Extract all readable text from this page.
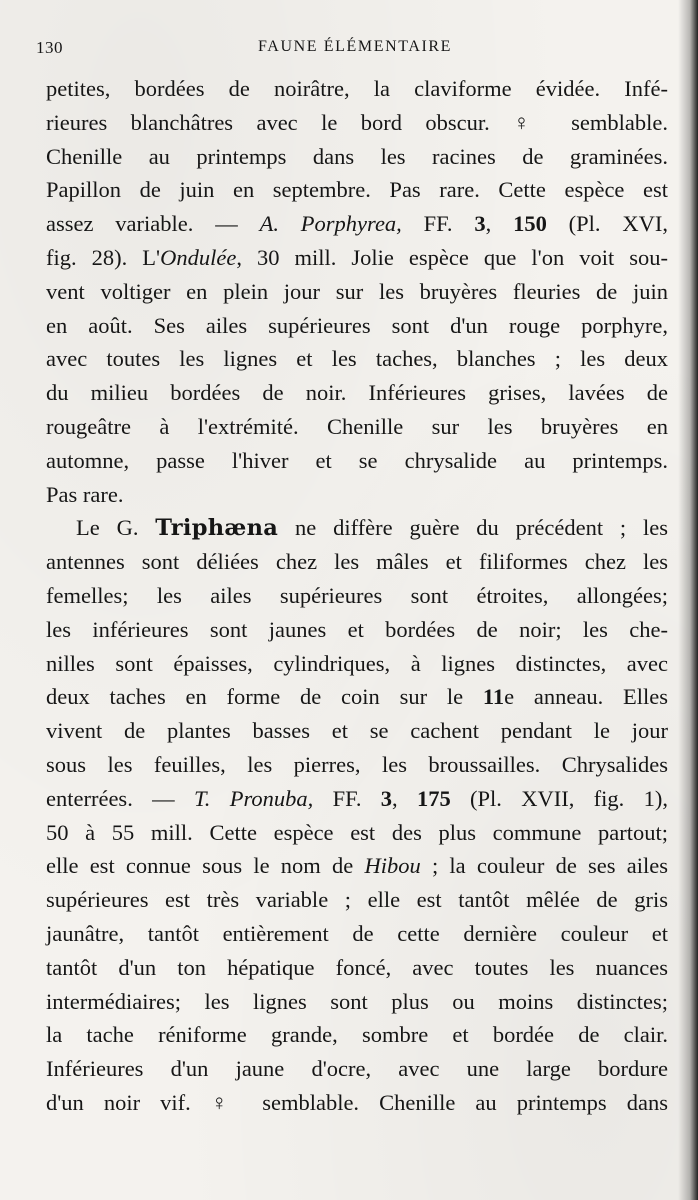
130	FAUNE ÉLÉMENTAIRE
petites, bordées de noirâtre, la claviforme évidée. Infé-
rieures blanchâtres avec le bord obscur. ♀ semblable.
Chenille au printemps dans les racines de graminées.
Papillon de juin en septembre. Pas rare. Cette espèce est
assez variable. — A. Porphyrea, FF. 3, 150 (Pl. XVI,
fig. 28). L'Ondulée, 30 mill. Jolie espèce que l'on voit sou-
vent voltiger en plein jour sur les bruyères fleuries de juin
en août. Ses ailes supérieures sont d'un rouge porphyre,
avec toutes les lignes et les taches, blanches ; les deux
du milieu bordées de noir. Inférieures grises, lavées de
rougeâtre à l'extrémité. Chenille sur les bruyères en
automne, passe l'hiver et se chrysalide au printemps.
Pas rare.
Le G. Triphæna ne diffère guère du précédent ; les
antennes sont déliées chez les mâles et filiformes chez les
femelles; les ailes supérieures sont étroites, allongées;
les inférieures sont jaunes et bordées de noir; les che-
nilles sont épaisses, cylindriques, à lignes distinctes, avec
deux taches en forme de coin sur le 11e anneau. Elles
vivent de plantes basses et se cachent pendant le jour
sous les feuilles, les pierres, les broussailles. Chrysalides
enterrées. — T. Pronuba, FF. 3, 175 (Pl. XVII, fig. 1),
50 à 55 mill. Cette espèce est des plus commune partout;
elle est connue sous le nom de Hibou ; la couleur de ses ailes
supérieures est très variable ; elle est tantôt mêlée de gris
jaunâtre, tantôt entièrement de cette dernière couleur et
tantôt d'un ton hépatique foncé, avec toutes les nuances
intermédiaires; les lignes sont plus ou moins distinctes;
la tache réniforme grande, sombre et bordée de clair.
Inférieures d'un jaune d'ocre, avec une large bordure
d'un noir vif. ♀ semblable. Chenille au printemps dans
